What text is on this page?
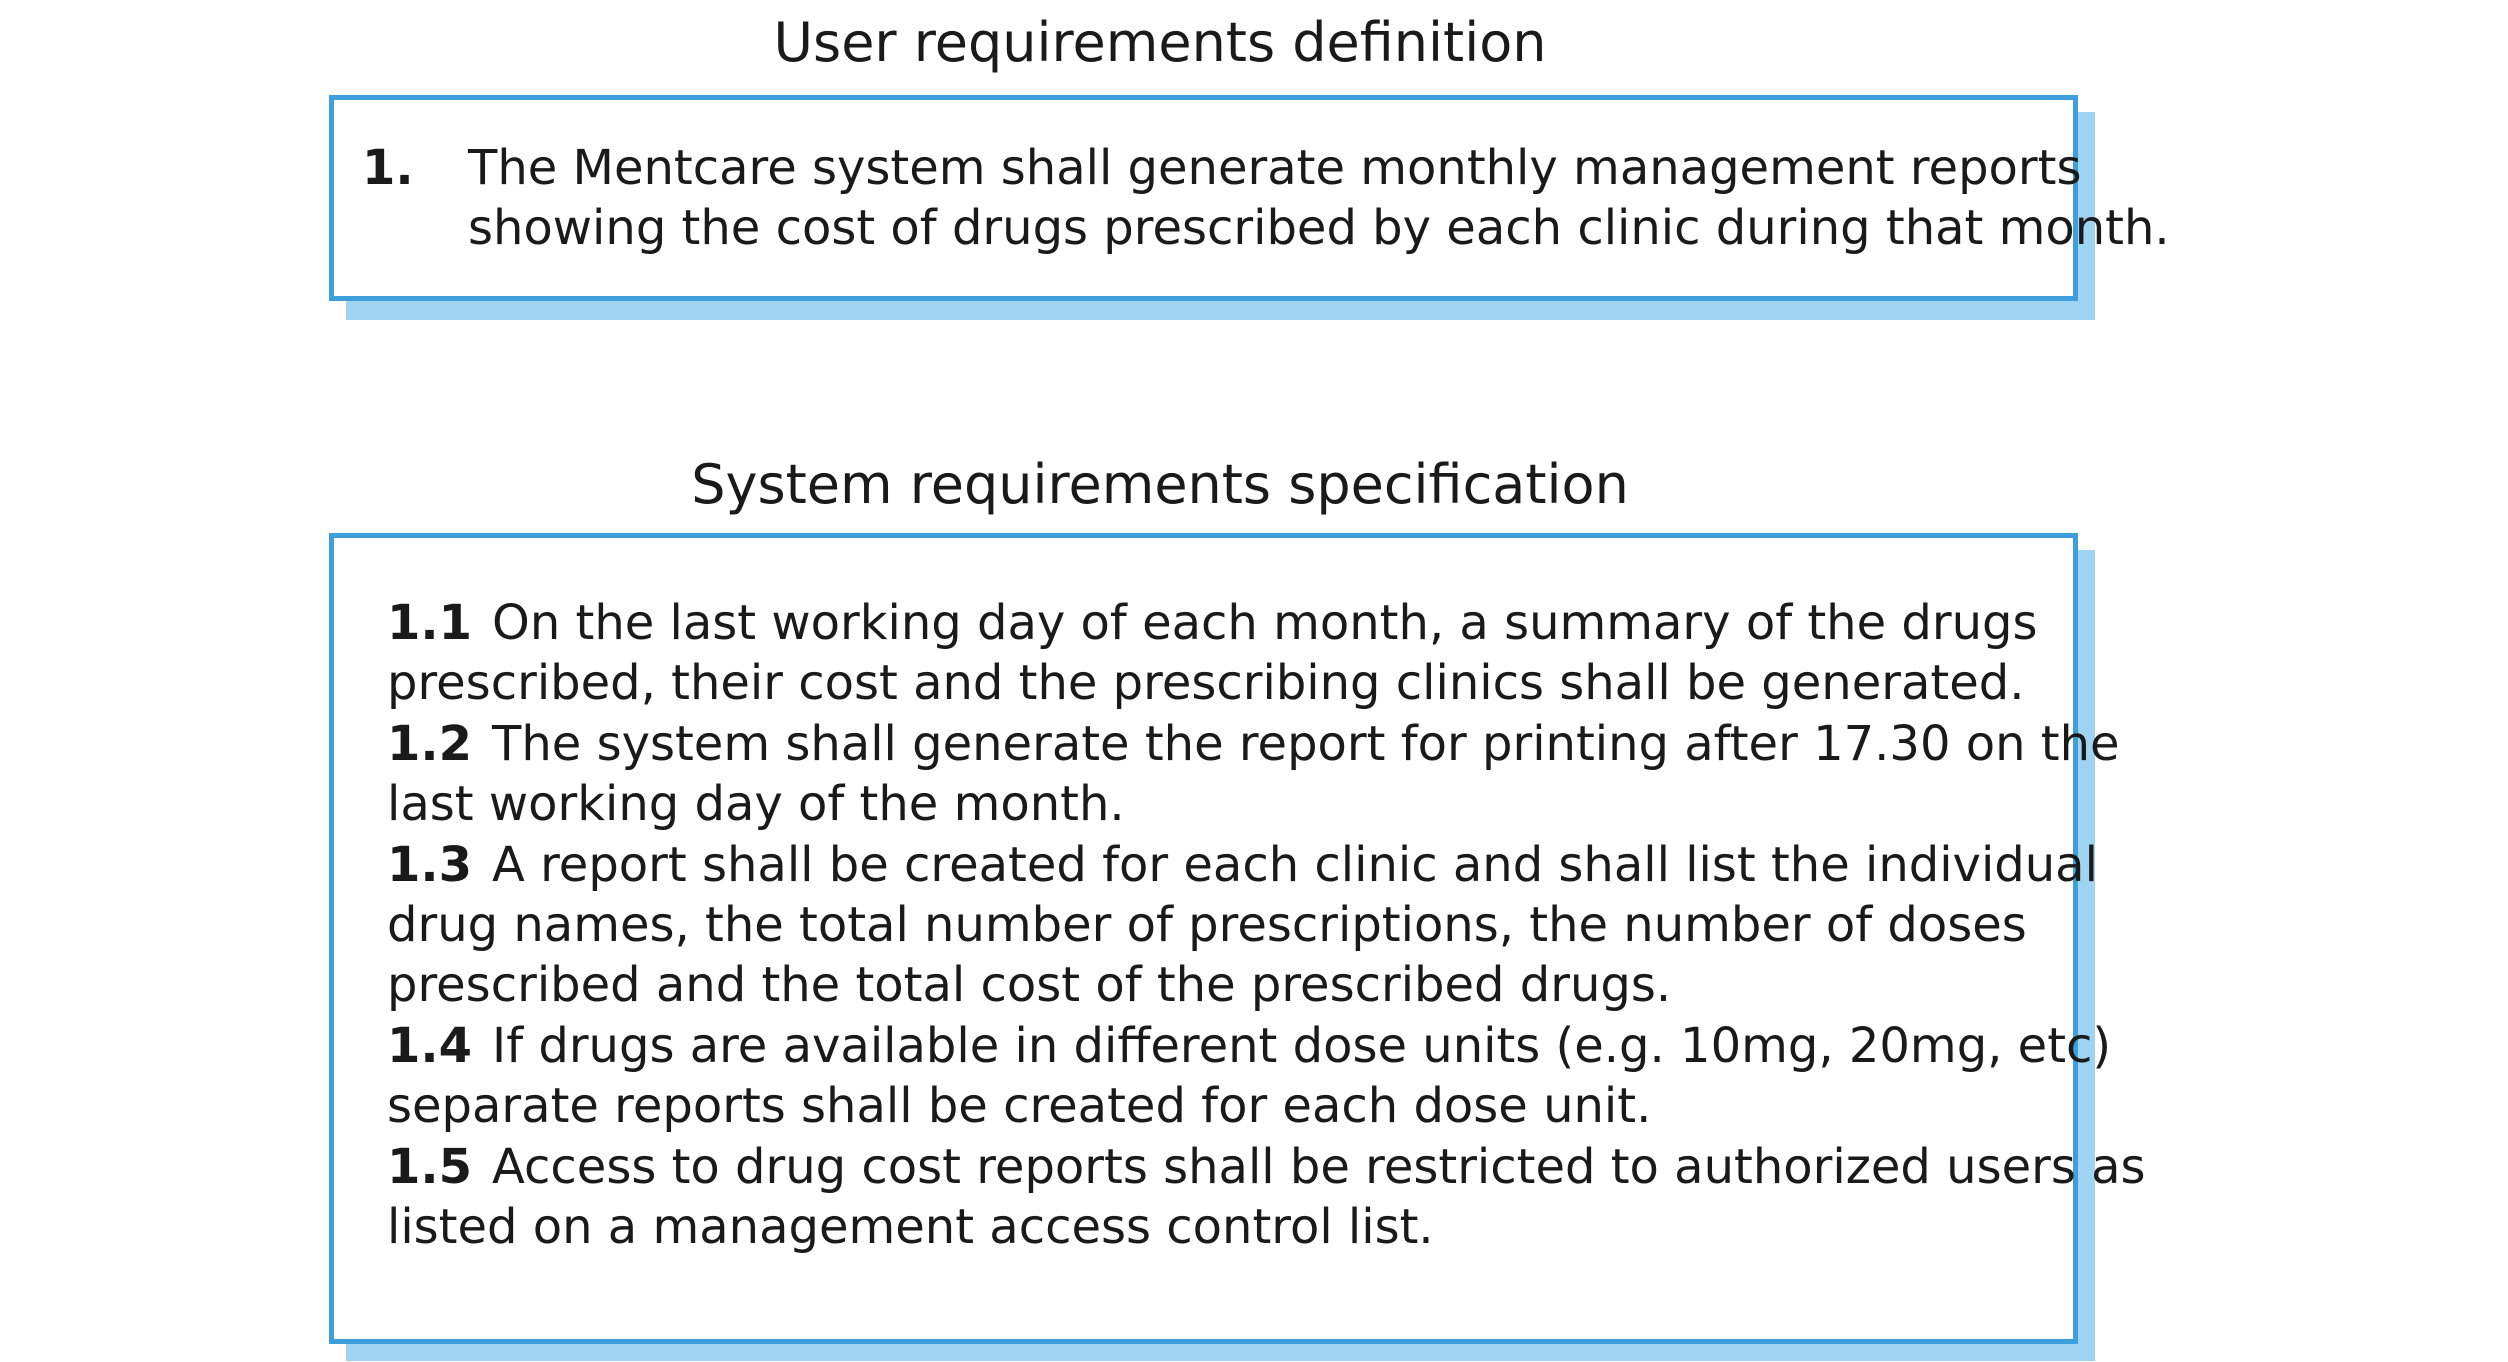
User requirements definition
1. The Mentcare system shall generate monthly management reports
showing the cost of drugs prescribed by each clinic during that month.
System requirements specification
1.1 On the last working day of each month, a summary of the drugs
prescribed, their cost and the prescribing clinics shall be generated.
1.2 The system shall generate the report for printing after 17.30 on the
last working day of the month.
1.3 A report shall be created for each clinic and shall list the individual
drug names, the total number of prescriptions, the number of doses
prescribed and the total cost of the prescribed drugs.
1.4 If drugs are available in different dose units (e.g. 10mg, 20mg, etc)
separate reports shall be created for each dose unit.
1.5 Access to drug cost reports shall be restricted to authorized users as
listed on a management access control list.
